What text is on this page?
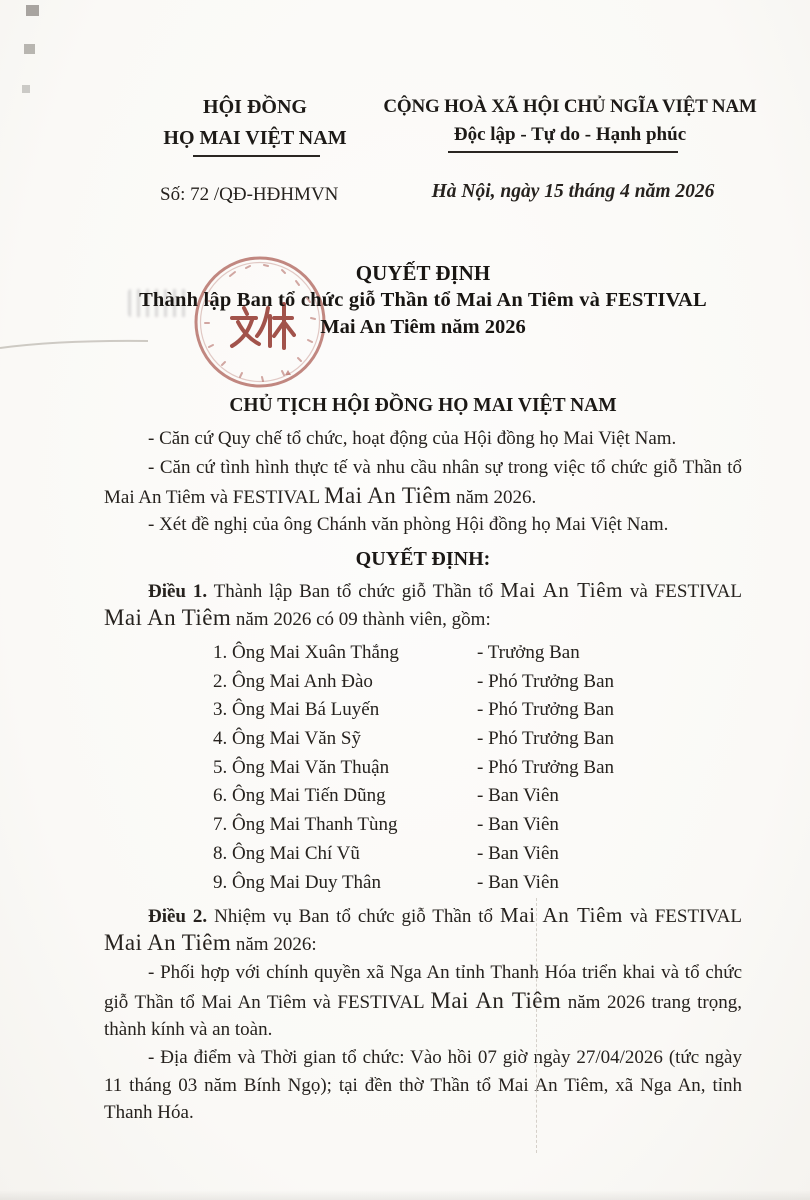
HỘI ĐỒNG
HỌ MAI VIỆT NAM
CỘNG HOÀ XÃ HỘI CHỦ NGĨA VIỆT NAM
Độc lập - Tự do - Hạnh phúc
Số: 72 /QĐ-HĐHMVN	Hà Nội, ngày 15 tháng 4 năm 2026
QUYẾT ĐỊNH
Thành lập Ban tổ chức giỗ Thần tổ Mai An Tiêm và FESTIVAL
Mai An Tiêm năm 2026
CHỦ TỊCH HỘI ĐỒNG HỌ MAI VIỆT NAM
- Căn cứ Quy chế tổ chức, hoạt động của Hội đồng họ Mai Việt Nam.
- Căn cứ tình hình thực tế và nhu cầu nhân sự trong việc tổ chức giỗ Thần tổ
Mai An Tiêm và FESTIVAL Mai An Tiêm năm 2026.
- Xét đề nghị của ông Chánh văn phòng Hội đồng họ Mai Việt Nam.
QUYẾT ĐỊNH:
Điều 1. Thành lập Ban tổ chức giỗ Thần tổ Mai An Tiêm và FESTIVAL
Mai An Tiêm năm 2026 có 09 thành viên, gồm:
1. Ông Mai Xuân Thắng	- Trưởng Ban
2. Ông Mai Anh Đào	- Phó Trưởng Ban
3. Ông Mai Bá Luyến	- Phó Trưởng Ban
4. Ông Mai Văn Sỹ	- Phó Trưởng Ban
5. Ông Mai Văn Thuận	- Phó Trưởng Ban
6. Ông Mai Tiến Dũng	- Ban Viên
7. Ông Mai Thanh Tùng	- Ban Viên
8. Ông Mai Chí Vũ	- Ban Viên
9. Ông Mai Duy Thân	- Ban Viên
Điều 2. Nhiệm vụ Ban tổ chức giỗ Thần tổ Mai An Tiêm và FESTIVAL
Mai An Tiêm năm 2026:
- Phối hợp với chính quyền xã Nga An tỉnh Thanh Hóa triển khai và tổ chức
giỗ Thần tổ Mai An Tiêm và FESTIVAL Mai An Tiêm năm 2026 trang trọng,
thành kính và an toàn.
- Địa điểm và Thời gian tổ chức: Vào hồi 07 giờ ngày 27/04/2026 (tức ngày
11 tháng 03 năm Bính Ngọ); tại đền thờ Thần tổ Mai An Tiêm, xã Nga An, tỉnh
Thanh Hóa.
